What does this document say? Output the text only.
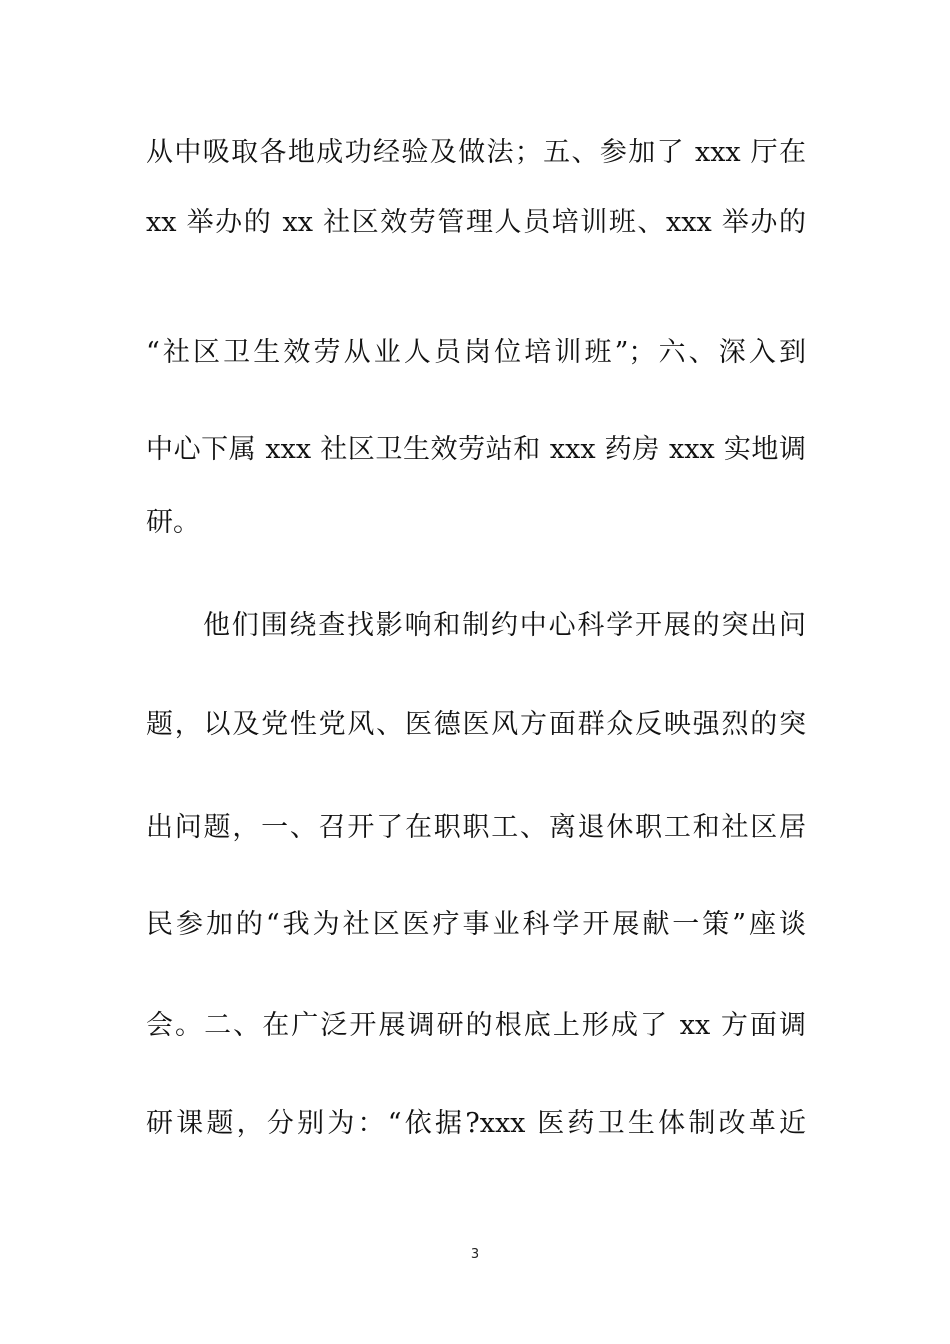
从中吸取各地成功经验及做法；五、参加了 xxx 厅在
xx 举办的 xx 社区效劳管理人员培训班、xxx 举办的
“社区卫生效劳从业人员岗位培训班”；六、深入到
中心下属 xxx 社区卫生效劳站和 xxx 药房 xxx 实地调
研。
他们围绕查找影响和制约中心科学开展的突出问
题，以及党性党风、医德医风方面群众反映强烈的突
出问题，一、召开了在职职工、离退休职工和社区居
民参加的“我为社区医疗事业科学开展献一策”座谈
会。二、在广泛开展调研的根底上形成了 xx 方面调
研课题，分别为：“依据?xxx 医药卫生体制改革近
3
